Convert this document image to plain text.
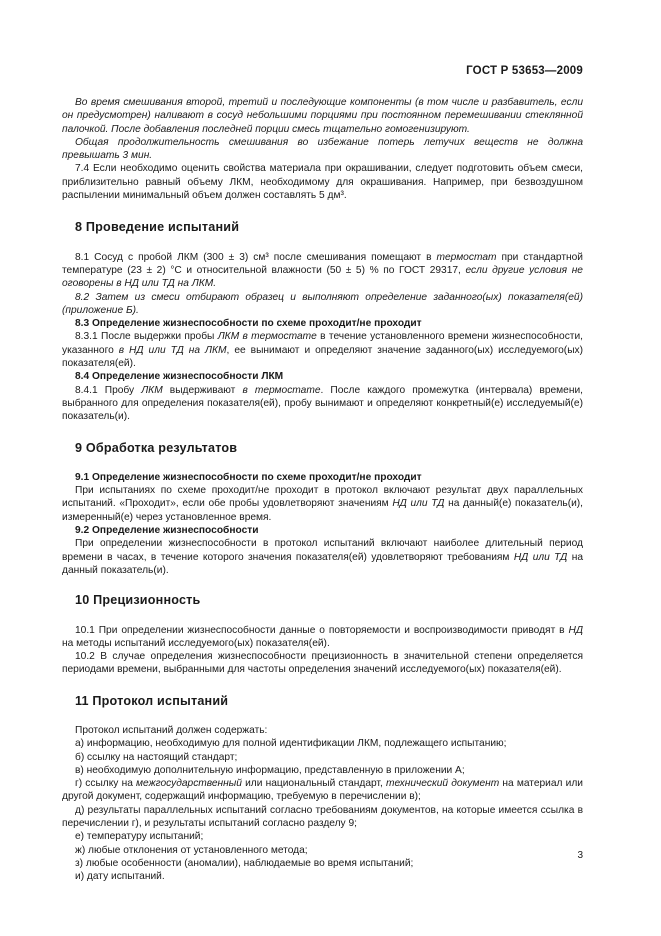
ГОСТ Р 53653—2009

Во время смешивания второй, третий и последующие компоненты (в том числе и разбавитель, если он предусмотрен) наливают в сосуд небольшими порциями при постоянном перемешивании стеклянной палочкой. После добавления последней порции смесь тщательно гомогенизируют.

Общая продолжительность смешивания во избежание потерь летучих веществ не должна превышать 3 мин.

7.4 Если необходимо оценить свойства материала при окрашивании, следует подготовить объем смеси, приблизительно равный объему ЛКМ, необходимому для окрашивания. Например, при безвоздушном распылении минимальный объем должен составлять 5 дм³.

8 Проведение испытаний

8.1 Сосуд с пробой ЛКМ (300 ± 3) см³ после смешивания помещают в термостат при стандартной температуре (23 ± 2) °С и относительной влажности (50 ± 5) % по ГОСТ 29317, если другие условия не оговорены в НД или ТД на ЛКМ.

8.2 Затем из смеси отбирают образец и выполняют определение заданного(ых) показателя(ей) (приложение Б).

8.3 Определение жизнеспособности по схеме проходит/не проходит

8.3.1 После выдержки пробы ЛКМ в термостате в течение установленного времени жизнеспособности, указанного в НД или ТД на ЛКМ, ее вынимают и определяют значение заданного(ых) исследуемого(ых) показателя(ей).

8.4 Определение жизнеспособности ЛКМ

8.4.1 Пробу ЛКМ выдерживают в термостате. После каждого промежутка (интервала) времени, выбранного для определения показателя(ей), пробу вынимают и определяют конкретный(е) исследуемый(е) показатель(и).

9 Обработка результатов

9.1 Определение жизнеспособности по схеме проходит/не проходит

При испытаниях по схеме проходит/не проходит в протокол включают результат двух параллельных испытаний. «Проходит», если обе пробы удовлетворяют значениям НД или ТД на данный(е) показатель(и), измеренный(е) через установленное время.

9.2 Определение жизнеспособности

При определении жизнеспособности в протокол испытаний включают наиболее длительный период времени в часах, в течение которого значения показателя(ей) удовлетворяют требованиям НД или ТД на данный показатель(и).

10 Прецизионность

10.1 При определении жизнеспособности данные о повторяемости и воспроизводимости приводят в НД на методы испытаний исследуемого(ых) показателя(ей).

10.2 В случае определения жизнеспособности прецизионность в значительной степени определяется периодами времени, выбранными для частоты определения значений исследуемого(ых) показателя(ей).

11 Протокол испытаний

Протокол испытаний должен содержать:

а) информацию, необходимую для полной идентификации ЛКМ, подлежащего испытанию;

б) ссылку на настоящий стандарт;

в) необходимую дополнительную информацию, представленную в приложении А;

г) ссылку на межгосударственный или национальный стандарт, технический документ на материал или другой документ, содержащий информацию, требуемую в перечислении в);

д) результаты параллельных испытаний согласно требованиям документов, на которые имеется ссылка в перечислении г), и результаты испытаний согласно разделу 9;

е) температуру испытаний;

ж) любые отклонения от установленного метода;

з) любые особенности (аномалии), наблюдаемые во время испытаний;

и) дату испытаний.

3
